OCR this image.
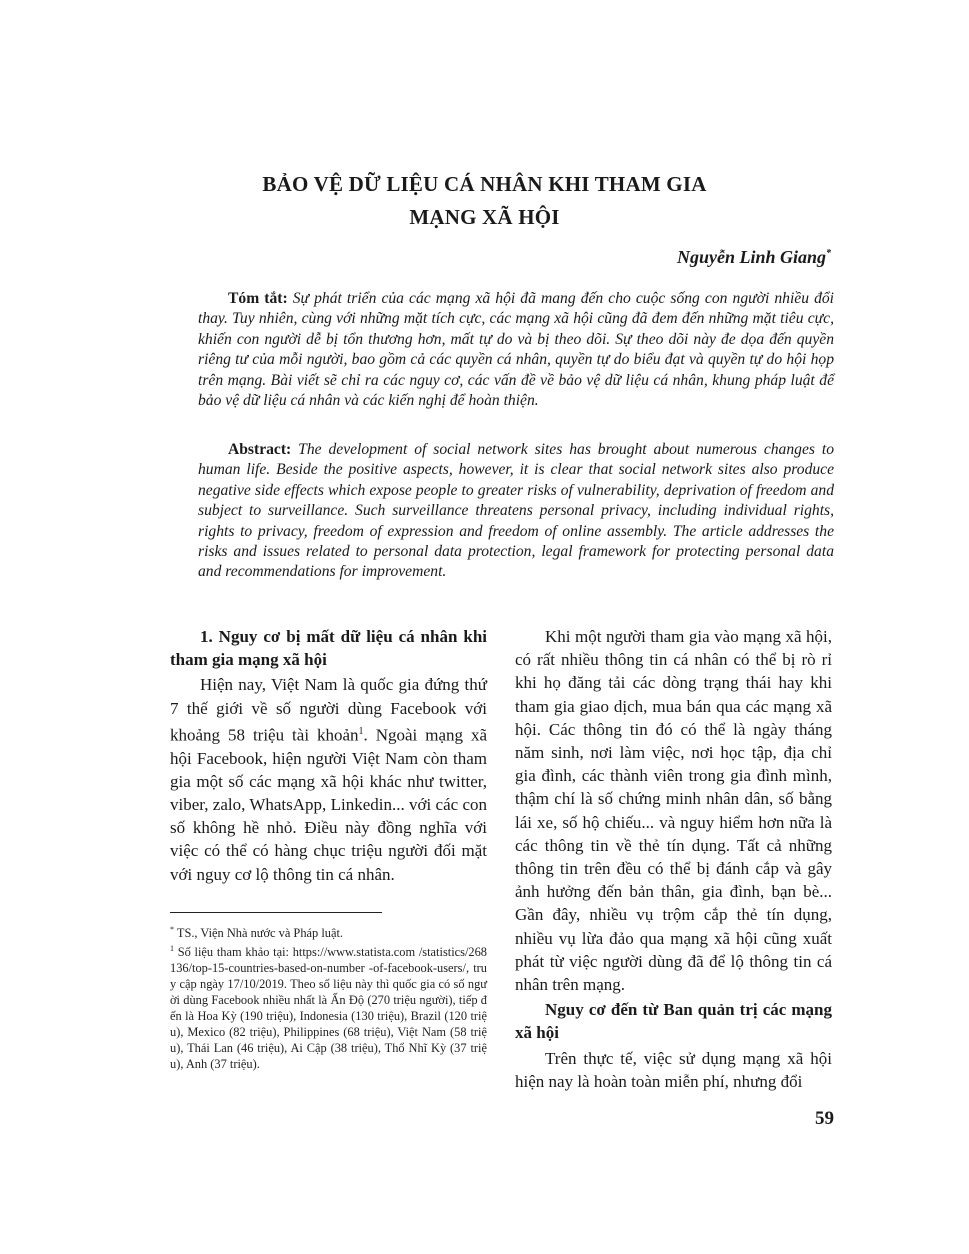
BẢO VỆ DỮ LIỆU CÁ NHÂN KHI THAM GIA
MẠNG XÃ HỘI
Nguyễn Linh Giang*
Tóm tắt: Sự phát triển của các mạng xã hội đã mang đến cho cuộc sống con người nhiều đổi thay. Tuy nhiên, cùng với những mặt tích cực, các mạng xã hội cũng đã đem đến những mặt tiêu cực, khiến con người dễ bị tổn thương hơn, mất tự do và bị theo dõi. Sự theo dõi này đe dọa đến quyền riêng tư của mỗi người, bao gồm cả các quyền cá nhân, quyền tự do biểu đạt và quyền tự do hội họp trên mạng. Bài viết sẽ chỉ ra các nguy cơ, các vấn đề về bảo vệ dữ liệu cá nhân, khung pháp luật để bảo vệ dữ liệu cá nhân và các kiến nghị để hoàn thiện.
Abstract: The development of social network sites has brought about numerous changes to human life. Beside the positive aspects, however, it is clear that social network sites also produce negative side effects which expose people to greater risks of vulnerability, deprivation of freedom and subject to surveillance. Such surveillance threatens personal privacy, including individual rights, rights to privacy, freedom of expression and freedom of online assembly. The article addresses the risks and issues related to personal data protection, legal framework for protecting personal data and recommendations for improvement.

1. Nguy cơ bị mất dữ liệu cá nhân khi tham gia mạng xã hội

Hiện nay, Việt Nam là quốc gia đứng thứ 7 thế giới về số người dùng Facebook với khoảng 58 triệu tài khoản$^1$. Ngoài mạng xã hội Facebook, hiện người Việt Nam còn tham gia một số các mạng xã hội khác như twitter, viber, zalo, WhatsApp, Linkedin... với các con số không hề nhỏ. Điều này đồng nghĩa với việc có thể có hàng chục triệu người đối mặt với nguy cơ lộ thông tin cá nhân.

* TS., Viện Nhà nước và Pháp luật.

$^1$ Số liệu tham khảo tại: https://www.statista.com /statistics/268136/top-15-countries-based-on-number -of-facebook-users/, truy cập ngày 17/10/2019. Theo số liệu này thì quốc gia có số người dùng Facebook nhiều nhất là Ấn Độ (270 triệu người), tiếp đến là Hoa Kỳ (190 triệu), Indonesia (130 triệu), Brazil (120 triệu), Mexico (82 triệu), Philippines (68 triệu), Việt Nam (58 triệu), Thái Lan (46 triệu), Ai Cập (38 triệu), Thổ Nhĩ Kỳ (37 triệu), Anh (37 triệu).

Khi một người tham gia vào mạng xã hội, có rất nhiều thông tin cá nhân có thể bị rò rỉ khi họ đăng tải các dòng trạng thái hay khi tham gia giao dịch, mua bán qua các mạng xã hội. Các thông tin đó có thể là ngày tháng năm sinh, nơi làm việc, nơi học tập, địa chỉ gia đình, các thành viên trong gia đình mình, thậm chí là số chứng minh nhân dân, số bằng lái xe, số hộ chiếu... và nguy hiểm hơn nữa là các thông tin về thẻ tín dụng. Tất cả những thông tin trên đều có thể bị đánh cắp và gây ảnh hưởng đến bản thân, gia đình, bạn bè... Gần đây, nhiều vụ trộm cắp thẻ tín dụng, nhiều vụ lừa đảo qua mạng xã hội cũng xuất phát từ việc người dùng đã để lộ thông tin cá nhân trên mạng.

Nguy cơ đến từ Ban quản trị các mạng xã hội

Trên thực tế, việc sử dụng mạng xã hội hiện nay là hoàn toàn miễn phí, nhưng đổi

59
